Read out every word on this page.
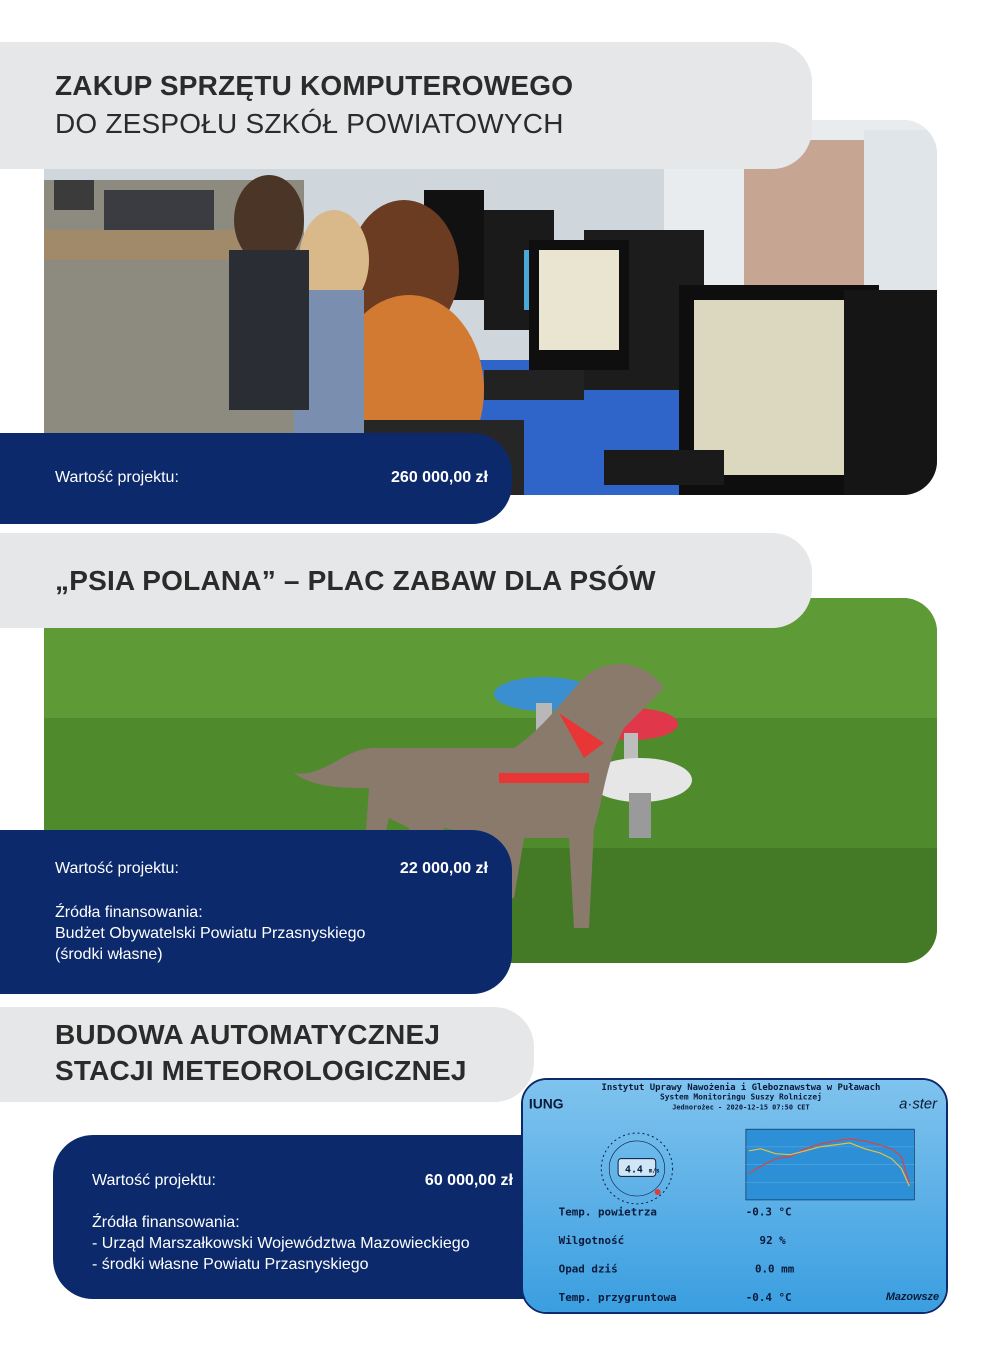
ZAKUP SPRZĘTU KOMPUTEROWEGO
DO ZESPOŁU SZKÓŁ POWIATOWYCH
Wartość projektu:	260 000,00 zł
„PSIA POLANA” – PLAC ZABAW DLA PSÓW
Wartość projektu:	22 000,00 zł
Źródła finansowania:
Budżet Obywatelski Powiatu Przasnyskiego
(środki własne)
BUDOWA AUTOMATYCZNEJ
STACJI METEOROLOGICZNEJ
Wartość projektu:	60 000,00 zł
Źródła finansowania:
- Urząd Marszałkowski Województwa Mazowieckiego
- środki własne Powiatu Przasnyskiego
Instytut Uprawy Nawożenia i Gleboznawstwa w Puławach
System Monitoringu Suszy Rolniczej
Jednorożec - 2020-12-15 07:50 CET
IUNG	a·ster
4.4 m/s
Temp. powietrza	-0.3 °C
Wilgotność	92 %
Opad dziś	0.0 mm
Temp. przygruntowa	-0.4 °C	Mazowsze
